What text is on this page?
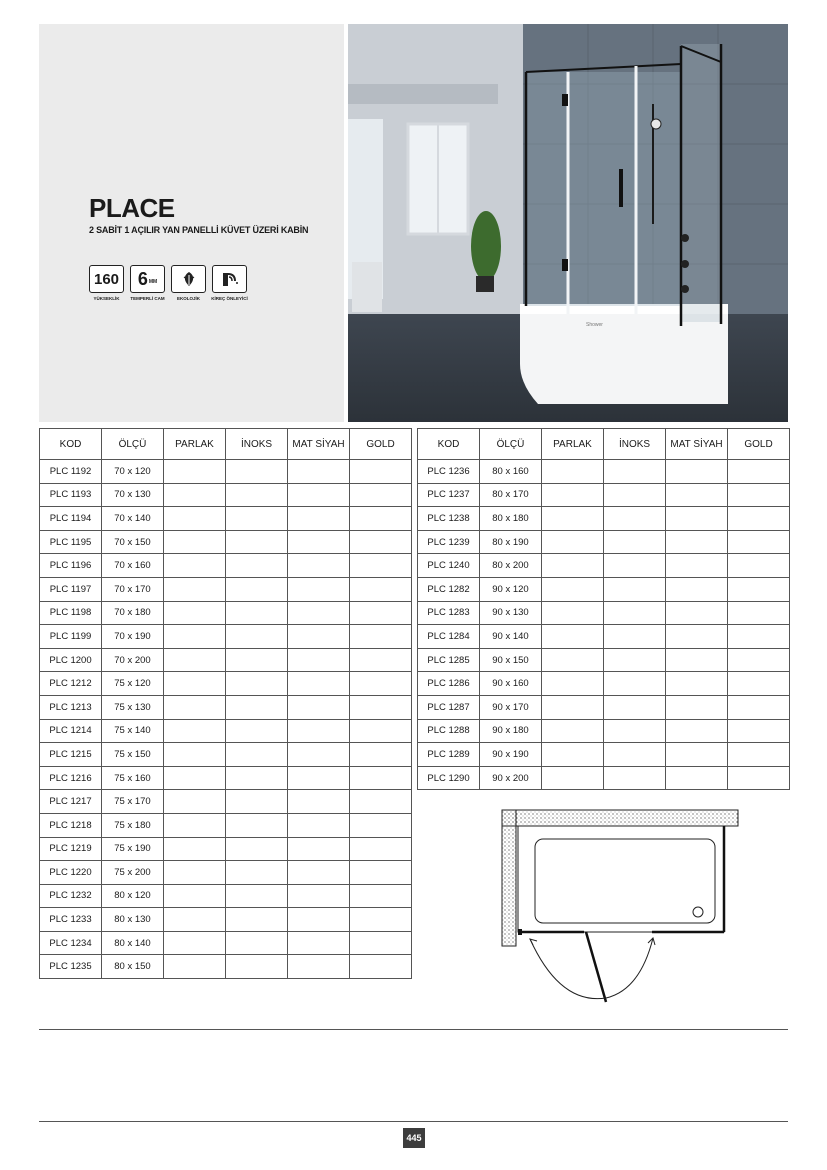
PLACE
2 SABİT 1 AÇILIR YAN PANELLİ KÜVET ÜZERİ KABİN
160
YÜKSEKLİK
6 MM
TEMPERLİ CAM	EKOLOJİK	KİREÇ ÖNLEYİCİ
Shower
KOD	ÖLÇÜ	PARLAK	İNOKS	MAT SİYAH	GOLD
PLC 1192	70 x 120				
PLC 1193	70 x 130				
PLC 1194	70 x 140				
PLC 1195	70 x 150				
PLC 1196	70 x 160				
PLC 1197	70 x 170				
PLC 1198	70 x 180				
PLC 1199	70 x 190				
PLC 1200	70 x 200				
PLC 1212	75 x 120				
PLC 1213	75 x 130				
PLC 1214	75 x 140				
PLC 1215	75 x 150				
PLC 1216	75 x 160				
PLC 1217	75 x 170				
PLC 1218	75 x 180				
PLC 1219	75 x 190				
PLC 1220	75 x 200				
PLC 1232	80 x 120				
PLC 1233	80 x 130				
PLC 1234	80 x 140				
PLC 1235	80 x 150				
KOD	ÖLÇÜ	PARLAK	İNOKS	MAT SİYAH	GOLD
PLC 1236	80 x 160				
PLC 1237	80 x 170				
PLC 1238	80 x 180				
PLC 1239	80 x 190				
PLC 1240	80 x 200				
PLC 1282	90 x 120				
PLC 1283	90 x 130				
PLC 1284	90 x 140				
PLC 1285	90 x 150				
PLC 1286	90 x 160				
PLC 1287	90 x 170				
PLC 1288	90 x 180				
PLC 1289	90 x 190				
PLC 1290	90 x 200				
445
